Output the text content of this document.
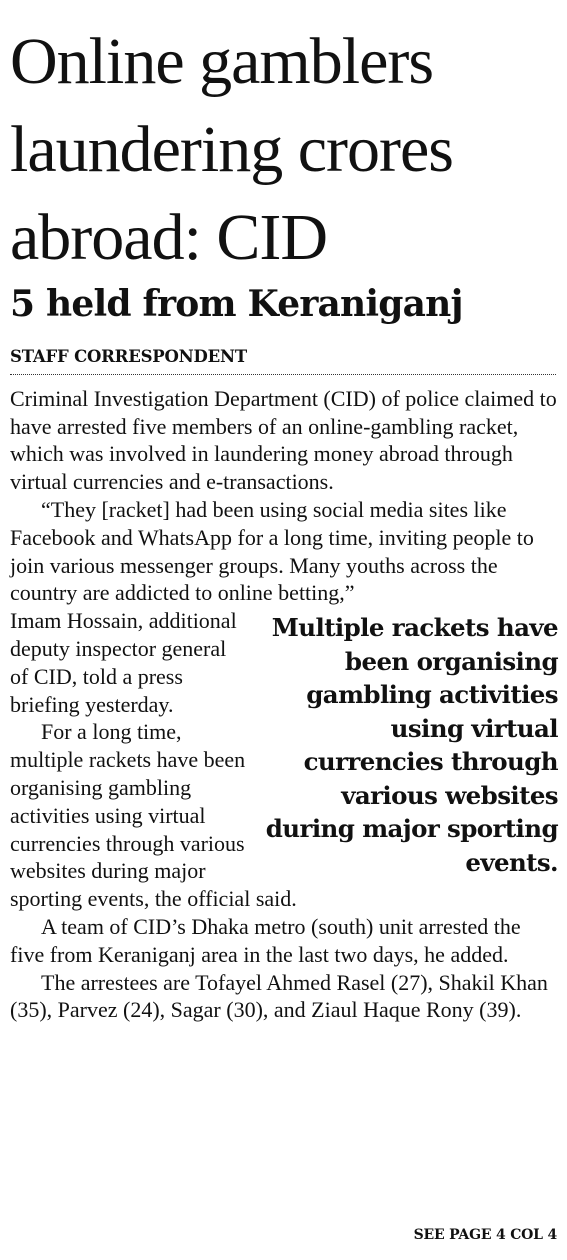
Online gamblers
laundering crores
abroad: CID
5 held from Keraniganj
STAFF CORRESPONDENT

Criminal Investigation Department (CID) of police claimed to have arrested five members of an online-gambling racket, which was involved in laundering money abroad through virtual currencies and e-transactions.

“They [racket] had been using social media sites like Facebook and WhatsApp for a long time, inviting people to join various messenger groups. Many youths across the country are addicted to online betting,”

Multiple rackets have been organising gambling activities using virtual currencies through various websites during major sporting events.

Imam Hossain, additional deputy inspector general of CID, told a press briefing yesterday.

For a long time, multiple rackets have been organising gambling activities using virtual currencies through various websites during major sporting events, the official said.

A team of CID’s Dhaka metro (south) unit arrested the five from Keraniganj area in the last two days, he added.

The arrestees are Tofayel Ahmed Rasel (27), Shakil Khan (35), Parvez (24), Sagar (30), and Ziaul Haque Rony (39).

SEE PAGE 4 COL 4
